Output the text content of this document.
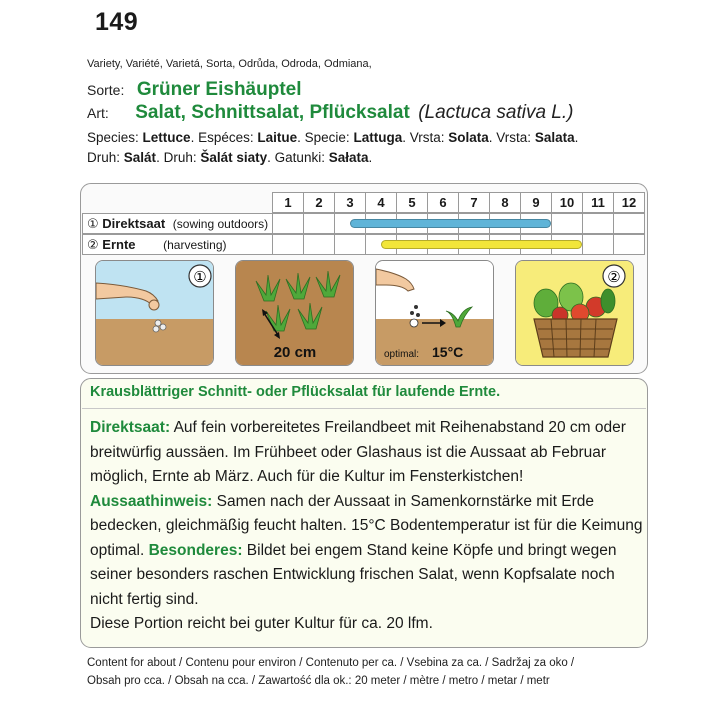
149
Variety, Variété, Varietá, Sorta, Odrůda, Odroda, Odmiana,
Sorte: Grüner Eishäuptel
Art: Salat, Schnittsalat, Pflücksalat (Lactuca sativa L.)
Species: Lettuce. Espéces: Laitue. Specie: Lattuga. Vrsta: Solata. Vrsta: Salata.
Druh: Salát. Druh: Šalát siaty. Gatunki: Sałata.
1	2	3	4	5	6	7	8	9	10	11	12
① Direktsaat (sowing outdoors)
② Ernte (harvesting)
①
20 cm	optimal: 15°C
②
Krausblättriger Schnitt- oder Pflücksalat für laufende Ernte.
Direktsaat: Auf fein vorbereitetes Freilandbeet mit Reihenabstand 20 cm oder breitwürfig aussäen. Im Frühbeet oder Glashaus ist die Aussaat ab Februar möglich, Ernte ab März. Auch für die Kultur im Fensterkistchen!
Aussaathinweis: Samen nach der Aussaat in Samenkornstärke mit Erde bedecken, gleichmäßig feucht halten. 15°C Bodentemperatur ist für die Keimung optimal. Besonderes: Bildet bei engem Stand keine Köpfe und bringt wegen seiner besonders raschen Entwicklung frischen Salat, wenn Kopfsalate noch nicht fertig sind.
Diese Portion reicht bei guter Kultur für ca. 20 lfm.
Content for about / Contenu pour environ / Contenuto per ca. / Vsebina za ca. / Sadržaj za oko /
Obsah pro cca. / Obsah na cca. / Zawartość dla ok.: 20 meter / mètre / metro / metar / metr
